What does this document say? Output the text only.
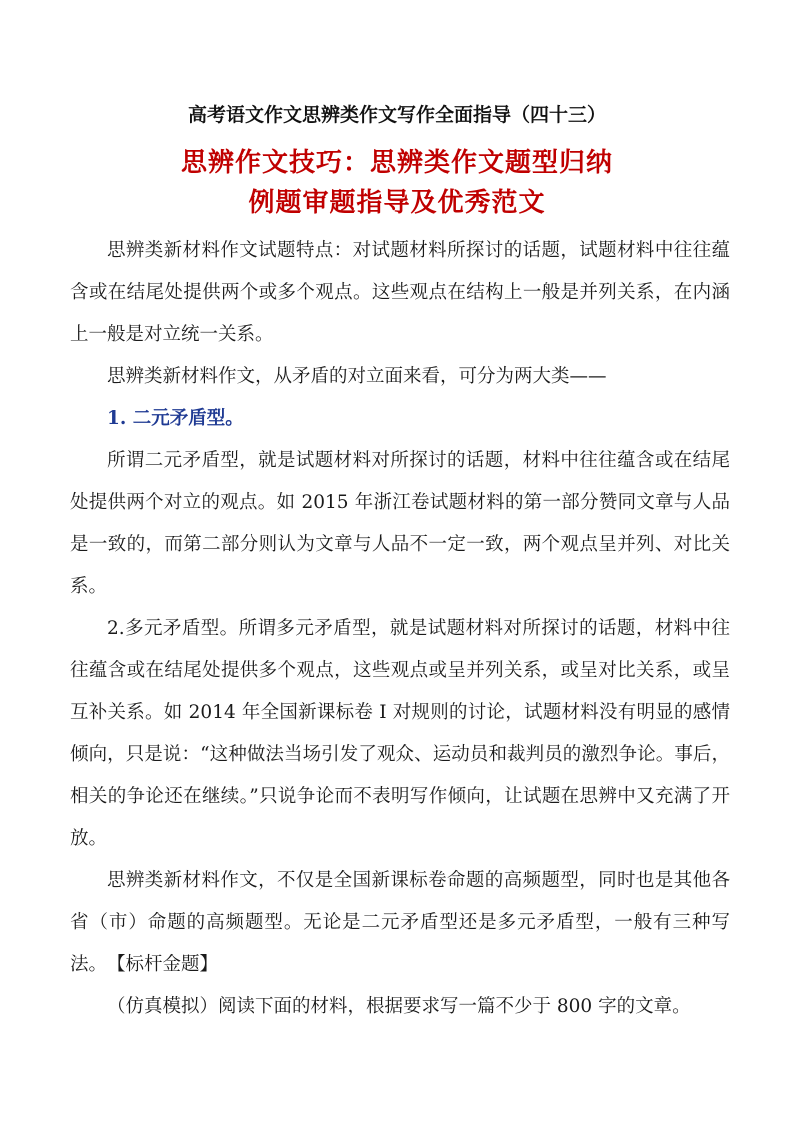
高考语文作文思辨类作文写作全面指导（四十三）
思辨作文技巧：思辨类作文题型归纳
例题审题指导及优秀范文
思辨类新材料作文试题特点：对试题材料所探讨的话题，试题材料中往往蕴含或在结尾处提供两个或多个观点。这些观点在结构上一般是并列关系，在内涵上一般是对立统一关系。
思辨类新材料作文，从矛盾的对立面来看，可分为两大类——
1. 二元矛盾型。
所谓二元矛盾型，就是试题材料对所探讨的话题，材料中往往蕴含或在结尾处提供两个对立的观点。如 2015 年浙江卷试题材料的第一部分赞同文章与人品是一致的，而第二部分则认为文章与人品不一定一致，两个观点呈并列、对比关系。
2.多元矛盾型。所谓多元矛盾型，就是试题材料对所探讨的话题，材料中往往蕴含或在结尾处提供多个观点，这些观点或呈并列关系，或呈对比关系，或呈互补关系。如 2014 年全国新课标卷 I 对规则的讨论，试题材料没有明显的感情倾向，只是说：“这种做法当场引发了观众、运动员和裁判员的激烈争论。事后，相关的争论还在继续。”只说争论而不表明写作倾向，让试题在思辨中又充满了开放。
思辨类新材料作文，不仅是全国新课标卷命题的高频题型，同时也是其他各省（市）命题的高频题型。无论是二元矛盾型还是多元矛盾型，一般有三种写法。 【标杆金题】
（仿真模拟）阅读下面的材料，根据要求写一篇不少于 800 字的文章。
